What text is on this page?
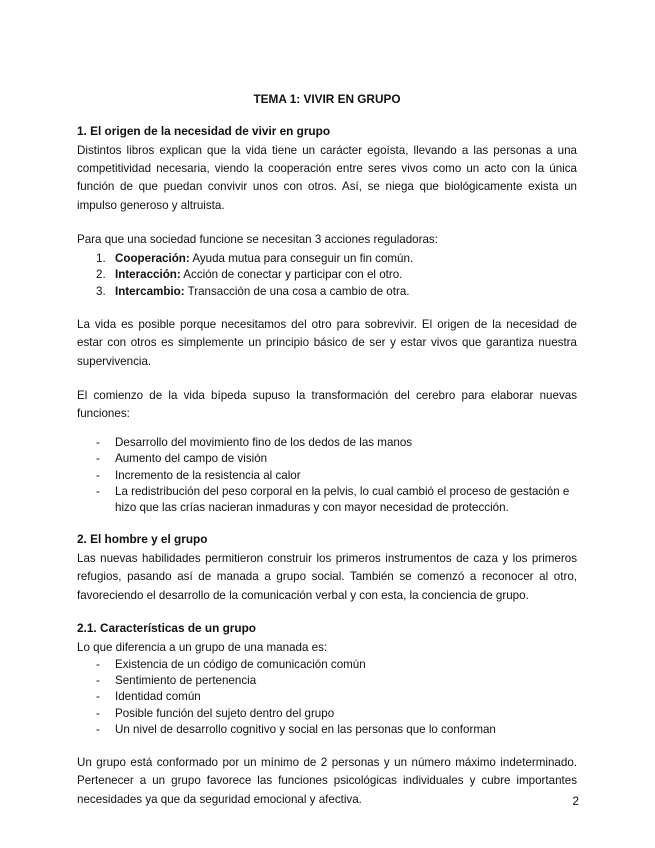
TEMA 1: VIVIR EN GRUPO
1. El origen de la necesidad de vivir en grupo

Distintos libros explican que la vida tiene un carácter egoísta, llevando a las personas a una competitividad necesaria, viendo la cooperación entre seres vivos como un acto con la única función de que puedan convivir unos con otros. Así, se niega que biológicamente exista un impulso generoso y altruista.

Para que una sociedad funcione se necesitan 3 acciones reguladoras:

1. Cooperación: Ayuda mutua para conseguir un fin común.
2. Interacción: Acción de conectar y participar con el otro.
3. Intercambio: Transacción de una cosa a cambio de otra.

La vida es posible porque necesitamos del otro para sobrevivir. El origen de la necesidad de estar con otros es simplemente un principio básico de ser y estar vivos que garantiza nuestra supervivencia.

El comienzo de la vida bípeda supuso la transformación del cerebro para elaborar nuevas funciones:

- Desarrollo del movimiento fino de los dedos de las manos
- Aumento del campo de visión
- Incremento de la resistencia al calor
- La redistribución del peso corporal en la pelvis, lo cual cambió el proceso de gestación e hizo que las crías nacieran inmaduras y con mayor necesidad de protección.
2. El hombre y el grupo

Las nuevas habilidades permitieron construir los primeros instrumentos de caza y los primeros refugios, pasando así de manada a grupo social. También se comenzó a reconocer al otro, favoreciendo el desarrollo de la comunicación verbal y con esta, la conciencia de grupo.

2.1. Características de un grupo

Lo que diferencia a un grupo de una manada es:

- Existencia de un código de comunicación común
- Sentimiento de pertenencia
- Identidad común
- Posible función del sujeto dentro del grupo
- Un nivel de desarrollo cognitivo y social en las personas que lo conforman

Un grupo está conformado por un mínimo de 2 personas y un número máximo indeterminado. Pertenecer a un grupo favorece las funciones psicológicas individuales y cubre importantes necesidades ya que da seguridad emocional y afectiva.	2
